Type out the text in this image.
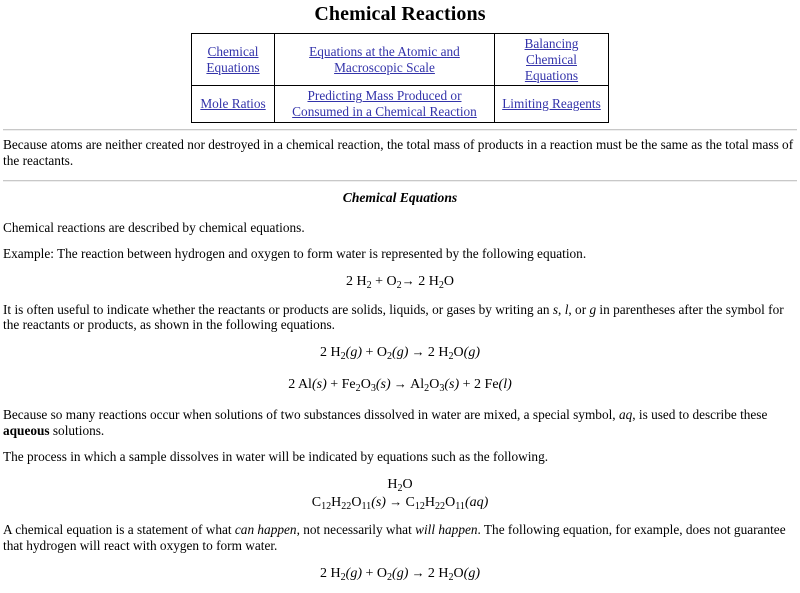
Chemical Reactions
Chemical Equations	Equations at the Atomic and Macroscopic Scale	Balancing Chemical Equations
Mole Ratios	Predicting Mass Produced or Consumed in a Chemical Reaction	Limiting Reagents

Because atoms are neither created nor destroyed in a chemical reaction, the total mass of products in a reaction must be the same as the total mass of the reactants.

Chemical Equations

Chemical reactions are described by chemical equations.

Example: The reaction between hydrogen and oxygen to form water is represented by the following equation.

2 $H_2 + O_2\to 2$ $H_2O$

It is often useful to indicate whether the reactants or products are solids, liquids, or gases by writing an s, l, or g in parentheses after the symbol for the reactants or products, as shown in the following equations.

2 $H_2(g) + O_2(g) \to 2$ $H_2O(g)$
2 $Al(s) + Fe_2O_3(s) \to Al_2O_3(s) + 2$ Fe(l)

Because so many reactions occur when solutions of two substances dissolved in water are mixed, a special symbol, aq, is used to describe these aqueous solutions.

The process in which a sample dissolves in water will be indicated by equations such as the following.

$H_2O$
$C_{12}H_{22}O_{11}(s) \to C_{12}H_{22}O_{11}(aq)$

A chemical equation is a statement of what can happen, not necessarily what will happen. The following equation, for example, does not guarantee that hydrogen will react with oxygen to form water.

2 $H_2(g) + O_2(g) \to 2$ $H_2O(g)$
